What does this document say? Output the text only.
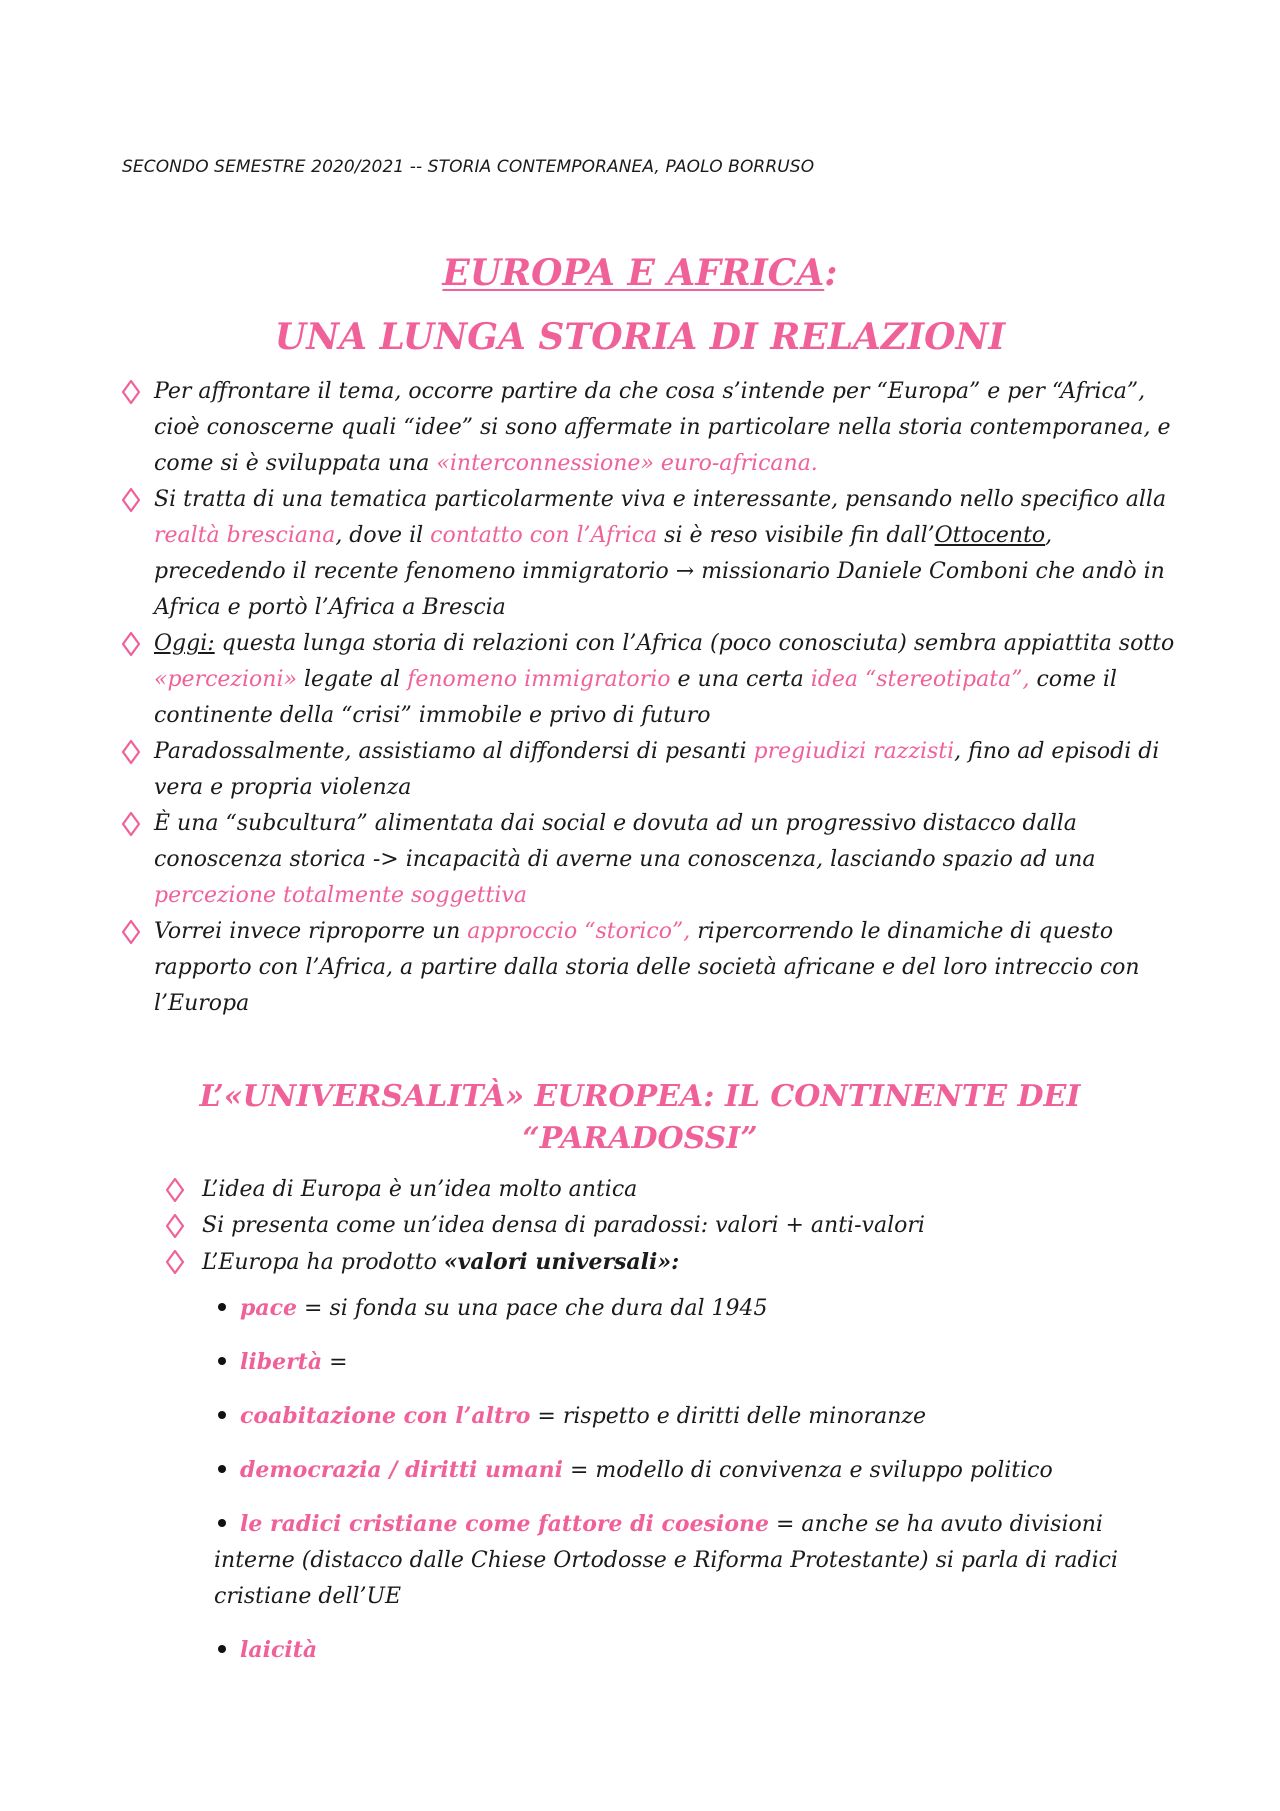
SECONDO SEMESTRE 2020/2021 -- STORIA CONTEMPORANEA, PAOLO BORRUSO
EUROPA E AFRICA:
UNA LUNGA STORIA DI RELAZIONI
Per affrontare il tema, occorre partire da che cosa s’intende per “Europa” e per “Africa”, cioè conoscerne quali “idee” si sono affermate in particolare nella storia contemporanea, e come si è sviluppata una «interconnessione» euro-africana.
Si tratta di una tematica particolarmente viva e interessante, pensando nello specifico alla realtà bresciana, dove il contatto con l’Africa si è reso visibile fin dall’Ottocento, precedendo il recente fenomeno immigratorio → missionario Daniele Comboni che andò in Africa e portò l’Africa a Brescia
Oggi: questa lunga storia di relazioni con l’Africa (poco conosciuta) sembra appiattita sotto «percezioni» legate al fenomeno immigratorio e una certa idea “stereotipata”, come il continente della “crisi” immobile e privo di futuro
Paradossalmente, assistiamo al diffondersi di pesanti pregiudizi razzisti, fino ad episodi di vera e propria violenza
È una “subcultura” alimentata dai social e dovuta ad un progressivo distacco dalla conoscenza storica -> incapacità di averne una conoscenza, lasciando spazio ad una percezione totalmente soggettiva
Vorrei invece riproporre un approccio “storico”, ripercorrendo le dinamiche di questo rapporto con l’Africa, a partire dalla storia delle società africane e del loro intreccio con l’Europa
L’«UNIVERSALITÀ» EUROPEA: IL CONTINENTE DEI
“PARADOSSI”
L’idea di Europa è un’idea molto antica
Si presenta come un’idea densa di paradossi: valori + anti-valori
L’Europa ha prodotto «valori universali»:
pace = si fonda su una pace che dura dal 1945
libertà =
coabitazione con l’altro = rispetto e diritti delle minoranze
democrazia / diritti umani = modello di convivenza e sviluppo politico
le radici cristiane come fattore di coesione = anche se ha avuto divisioni interne (distacco dalle Chiese Ortodosse e Riforma Protestante) si parla di radici cristiane dell’UE
laicità
